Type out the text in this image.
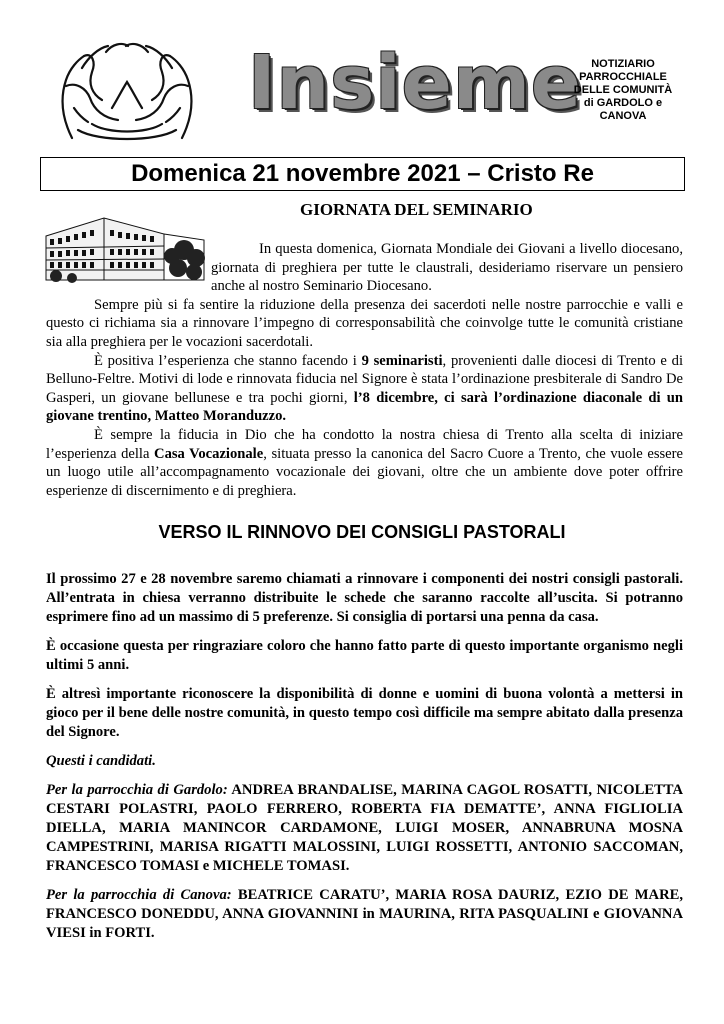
Insieme NOTIZIARIO
PARROCCHIALE
DELLE COMUNITÀ
di GARDOLO e
CANOVA
Domenica 21 novembre 2021 – Cristo Re
GIORNATA DEL SEMINARIO

In questa domenica, Giornata Mondiale dei Giovani a livello diocesano, giornata di preghiera per tutte le claustrali, desideriamo riservare un pensiero anche al nostro Seminario Diocesano.

Sempre più si fa sentire la riduzione della presenza dei sacerdoti nelle nostre parrocchie e valli e questo ci richiama sia a rinnovare l’impegno di corresponsabilità che coinvolge tutte le comunità cristiane sia alla preghiera per le vocazioni sacerdotali.

È positiva l’esperienza che stanno facendo i 9 seminaristi, provenienti dalle diocesi di Trento e di Belluno-Feltre. Motivi di lode e rinnovata fiducia nel Signore è stata l’ordinazione presbiterale di Sandro De Gasperi, un giovane bellunese e tra pochi giorni, l’8 dicembre, ci sarà l’ordinazione diaconale di un giovane trentino, Matteo Moranduzzo.

È sempre la fiducia in Dio che ha condotto la nostra chiesa di Trento alla scelta di iniziare l’esperienza della Casa Vocazionale, situata presso la canonica del Sacro Cuore a Trento, che vuole essere un luogo utile all’accompagnamento vocazionale dei giovani, oltre che un ambiente dove poter offrire esperienze di discernimento e di preghiera.

VERSO IL RINNOVO DEI CONSIGLI PASTORALI

Il prossimo 27 e 28 novembre saremo chiamati a rinnovare i componenti dei nostri consigli pastorali. All’entrata in chiesa verranno distribuite le schede che saranno raccolte all’uscita. Si potranno esprimere fino ad un massimo di 5 preferenze. Si consiglia di portarsi una penna da casa.

È occasione questa per ringraziare coloro che hanno fatto parte di questo importante organismo negli ultimi 5 anni.

È altresì importante riconoscere la disponibilità di donne e uomini di buona volontà a mettersi in gioco per il bene delle nostre comunità, in questo tempo così difficile ma sempre abitato dalla presenza del Signore.

Questi i candidati.

Per la parrocchia di Gardolo: ANDREA BRANDALISE, MARINA CAGOL ROSATTI, NICOLETTA CESTARI POLASTRI, PAOLO FERRERO, ROBERTA FIA DEMATTE’, ANNA FIGLIOLIA DIELLA, MARIA MANINCOR CARDAMONE, LUIGI MOSER, ANNABRUNA MOSNA CAMPESTRINI, MARISA RIGATTI MALOSSINI, LUIGI ROSSETTI, ANTONIO SACCOMAN, FRANCESCO TOMASI e MICHELE TOMASI.

Per la parrocchia di Canova: BEATRICE CARATU’, MARIA ROSA DAURIZ, EZIO DE MARE, FRANCESCO DONEDDU, ANNA GIOVANNINI in MAURINA, RITA PASQUALINI e GIOVANNA VIESI in FORTI.
